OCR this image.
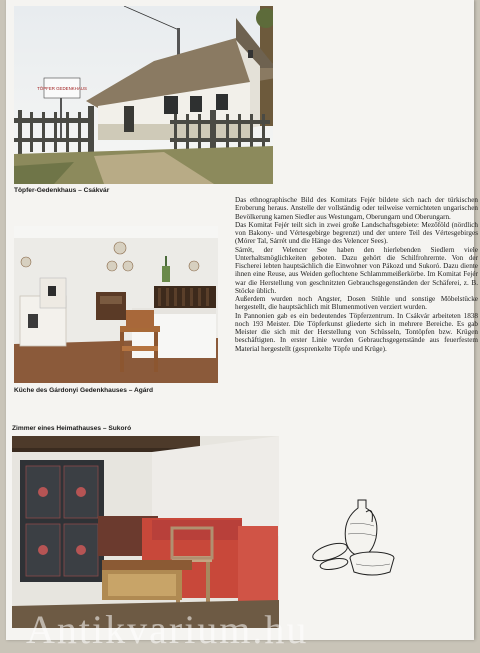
TÖPFER GEDENKHAUS
Töpfer-Gedenkhaus – Csákvár
Küche des Gárdonyi Gedenkhauses – Agárd

Das ethnographische Bild des Komitats Fejér bildete sich nach der türkischen Eroberung heraus. Anstelle der vollständig oder teilweise vernichteten ungarischen Bevölkerung kamen Siedler aus Westungarn, Oberungarn und Oberungarn.

Das Komitat Fejér teilt sich in zwei große Landschaftsgebiete: Mezőföld (nördlich von Bakony- und Vértesgebirge begrenzt) und der untere Teil des Vértesgebirges (Mórer Tal, Sárrét und die Hänge des Velencer Sees).

Sárrét, der Velencer See haben den hierlebenden Siedlern viele Unterhaltsmöglichkeiten geboten. Dazu gehört die Schilfrohrernte. Von der Fischerei lebten hauptsächlich die Einwohner von Pákozd und Sukoró. Dazu diente ihnen eine Reuse, aus Weiden geflochtene Schlammmeißerkörbe. Im Komitat Fejér war die Herstellung von geschnitzten Gebrauchsgegenständen der Schäferei, z. B. Stöcke üblich.

Außerdem wurden noch Angster, Dosen Stühle und sonstige Möbelstücke hergestellt, die hauptsächlich mit Blumenmotiven verziert wurden.

In Pannonien gab es ein bedeutendes Töpferzentrum. In Csákvár arbeiteten 1838 noch 193 Meister. Die Töpferkunst gliederte sich in mehrere Bereiche. Es gab Meister die sich mit der Herstellung von Schüsseln, Tontöpfen bzw. Krügen beschäftigten. In erster Linie wurden Gebrauchsgegenstände aus feuerfestem Material hergestellt (gesprenkelte Töpfe und Krüge).

Zimmer eines Heimathauses – Sukoró
Antikvarium.hu
